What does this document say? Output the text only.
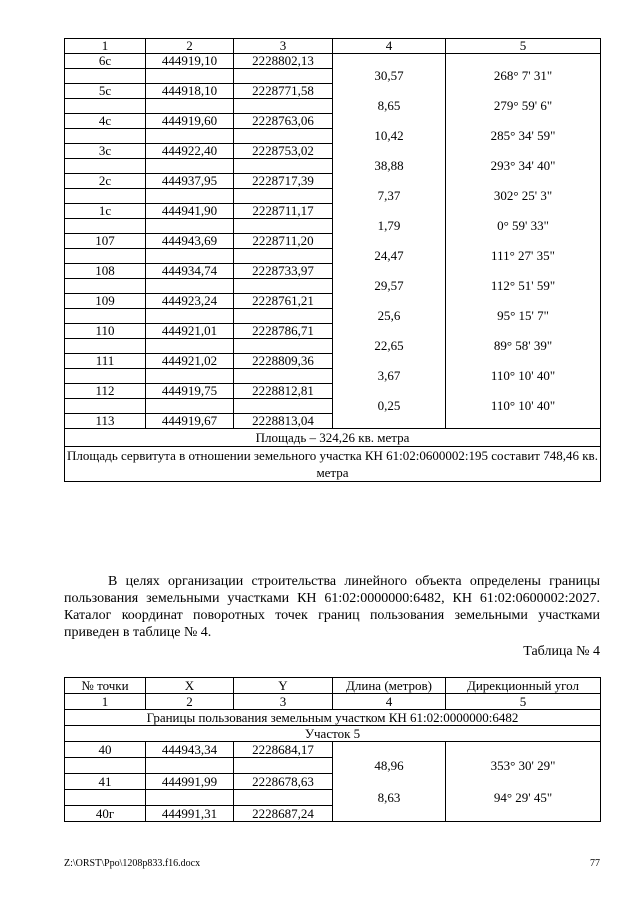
1	2	3	4	5
6с	444919,10	2228802,13		
			30,57	268° 7' 31"
5с	444918,10	2228771,58		
			8,65	279° 59' 6"
4с	444919,60	2228763,06		
			10,42	285° 34' 59"
3с	444922,40	2228753,02		
			38,88	293° 34' 40"
2с	444937,95	2228717,39		
			7,37	302° 25' 3"
1с	444941,90	2228711,17		
			1,79	0° 59' 33"
107	444943,69	2228711,20		
			24,47	111° 27' 35"
108	444934,74	2228733,97		
			29,57	112° 51' 59"
109	444923,24	2228761,21		
			25,6	95° 15' 7"
110	444921,01	2228786,71		
			22,65	89° 58' 39"
111	444921,02	2228809,36		
			3,67	110° 10' 40"
112	444919,75	2228812,81		
			0,25	110° 10' 40"
113	444919,67	2228813,04		
Площадь – 324,26 кв. метра				
Площадь сервитута в отношении земельного участка КН 61:02:0600002:195 составит 748,46 кв. метра				

В целях организации строительства линейного объекта определены границы пользования земельными участками КН 61:02:0000000:6482, КН 61:02:0600002:2027. Каталог координат поворотных точек границ пользования земельными участками приведен в таблице № 4.

Таблица № 4
№ точки	X	Y	Длина (метров)	Дирекционный угол
1	2	3	4	5
Границы пользования земельным участком КН 61:02:0000000:6482				
Участок 5				
40	444943,34	2228684,17		
			48,96	353° 30' 29"
41	444991,99	2228678,63		
			8,63	94° 29' 45"
40г	444991,31	2228687,24		
Z:\ORST\Ppo\1208p833.f16.docx	77
